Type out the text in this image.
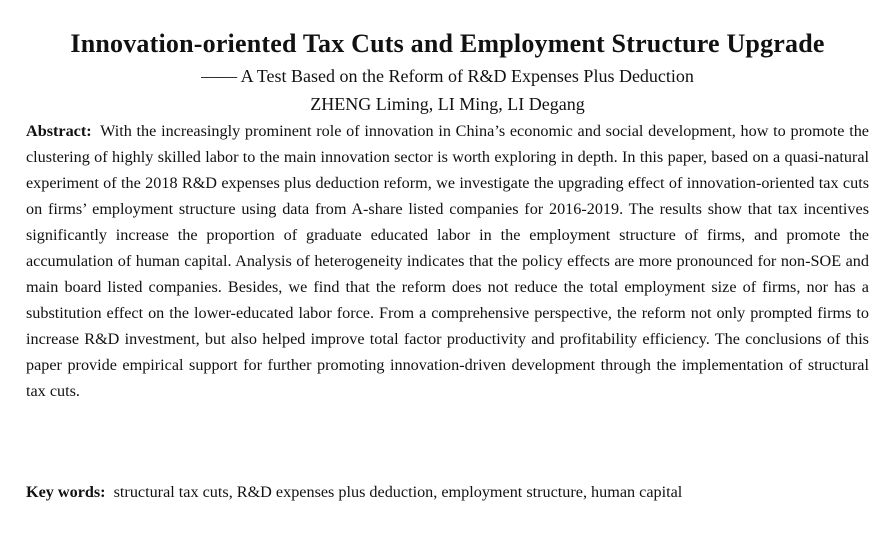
Innovation-oriented Tax Cuts and Employment Structure Upgrade
—— A Test Based on the Reform of R&D Expenses Plus Deduction
ZHENG Liming, LI Ming, LI Degang

Abstract: With the increasingly prominent role of innovation in China’s economic and social development, how to promote the clustering of highly skilled labor to the main innovation sector is worth exploring in depth. In this paper, based on a quasi-natural experiment of the 2018 R&D expenses plus deduction reform, we investigate the upgrading effect of innovation-oriented tax cuts on firms’ employment structure using data from A-share listed companies for 2016-2019. The results show that tax incentives significantly increase the proportion of graduate educated labor in the employment structure of firms, and promote the accumulation of human capital. Analysis of heterogeneity indicates that the policy effects are more pronounced for non-SOE and main board listed companies. Besides, we find that the reform does not reduce the total employment size of firms, nor has a substitution effect on the lower-educated labor force. From a comprehensive perspective, the reform not only prompted firms to increase R&D investment, but also helped improve total factor productivity and profitability efficiency. The conclusions of this paper provide empirical support for further promoting innovation-driven development through the implementation of structural tax cuts.

Key words: structural tax cuts, R&D expenses plus deduction, employment structure, human capital
